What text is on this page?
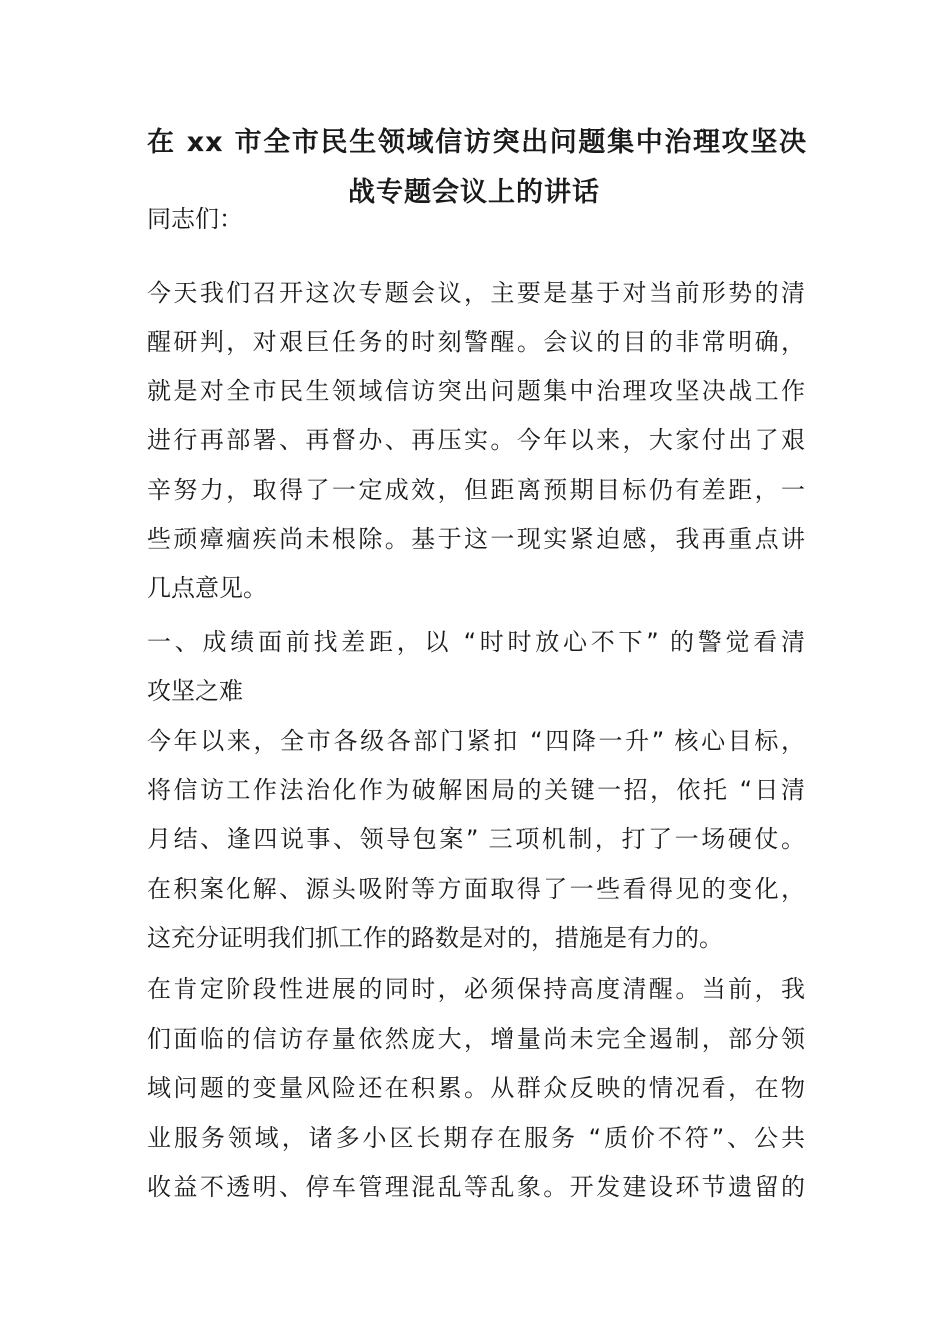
在 xx 市全市民生领域信访突出问题集中治理攻坚决
战专题会议上的讲话
同志们：
今天我们召开这次专题会议，主要是基于对当前形势的清
醒研判，对艰巨任务的时刻警醒。会议的目的非常明确，
就是对全市民生领域信访突出问题集中治理攻坚决战工作
进行再部署、再督办、再压实。今年以来，大家付出了艰
辛努力，取得了一定成效，但距离预期目标仍有差距，一
些顽瘴痼疾尚未根除。基于这一现实紧迫感，我再重点讲
几点意见。
一、成绩面前找差距，以 “时时放心不下” 的警觉看清
攻坚之难
今年以来，全市各级各部门紧扣 “四降一升” 核心目标，
将信访工作法治化作为破解困局的关键一招，依托 “日清
月结、逢四说事、领导包案” 三项机制，打了一场硬仗。
在积案化解、源头吸附等方面取得了一些看得见的变化，
这充分证明我们抓工作的路数是对的，措施是有力的。
在肯定阶段性进展的同时，必须保持高度清醒。当前，我
们面临的信访存量依然庞大，增量尚未完全遏制，部分领
域问题的变量风险还在积累。从群众反映的情况看，在物
业服务领域，诸多小区长期存在服务 “质价不符”、公共
收益不透明、停车管理混乱等乱象。开发建设环节遗留的
